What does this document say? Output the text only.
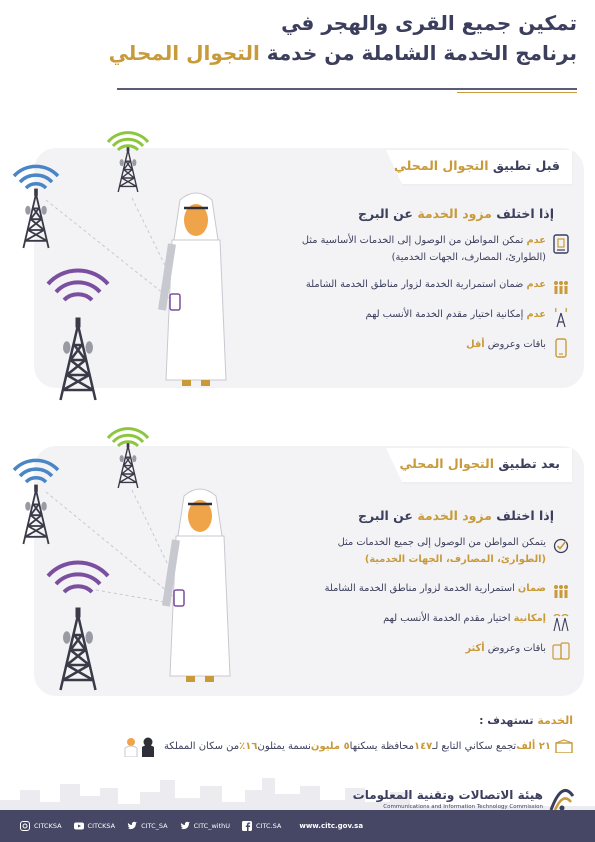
تمكين جميع القرى والهجر في
برنامج الخدمة الشاملة من خدمة التجوال المحلي
قبل تطبيق التجوال المحلي
إذا اختلف مزود الخدمة عن البرج
عدم تمكن المواطن من الوصول إلى الخدمات الأساسية مثل
(الطوارئ، المصارف، الجهات الخدمية)
عدم ضمان استمرارية الخدمة لزوار مناطق الخدمة الشاملة
عدم إمكانية اختيار مقدم الخدمة الأنسب لهم
باقات وعروض أقل
بعد تطبيق التجوال المحلي
إذا اختلف مزود الخدمة عن البرج
يتمكن المواطن من الوصول إلى جميع الخدمات مثل
(الطوارئ، المصارف، الجهات الخدمية)
ضمان استمرارية الخدمة لزوار مناطق الخدمة الشاملة
إمكانية اختيار مقدم الخدمة الأنسب لهم
باقات وعروض أكثر
الخدمة تستهدف :
٢١ ألف
تجمع سكاني التابع لـ
١٤٧
محافظة يسكنها
٥ مليون
نسمة يمثلون
١٦٪
من سكان المملكة
هيئة الاتصالات وتقنية المعلومات
Communications and Information Technology Commission
CITCKSA	CITCKSA	CITC_SA	CITC_withU	CITC.SA	www.citc.gov.sa
